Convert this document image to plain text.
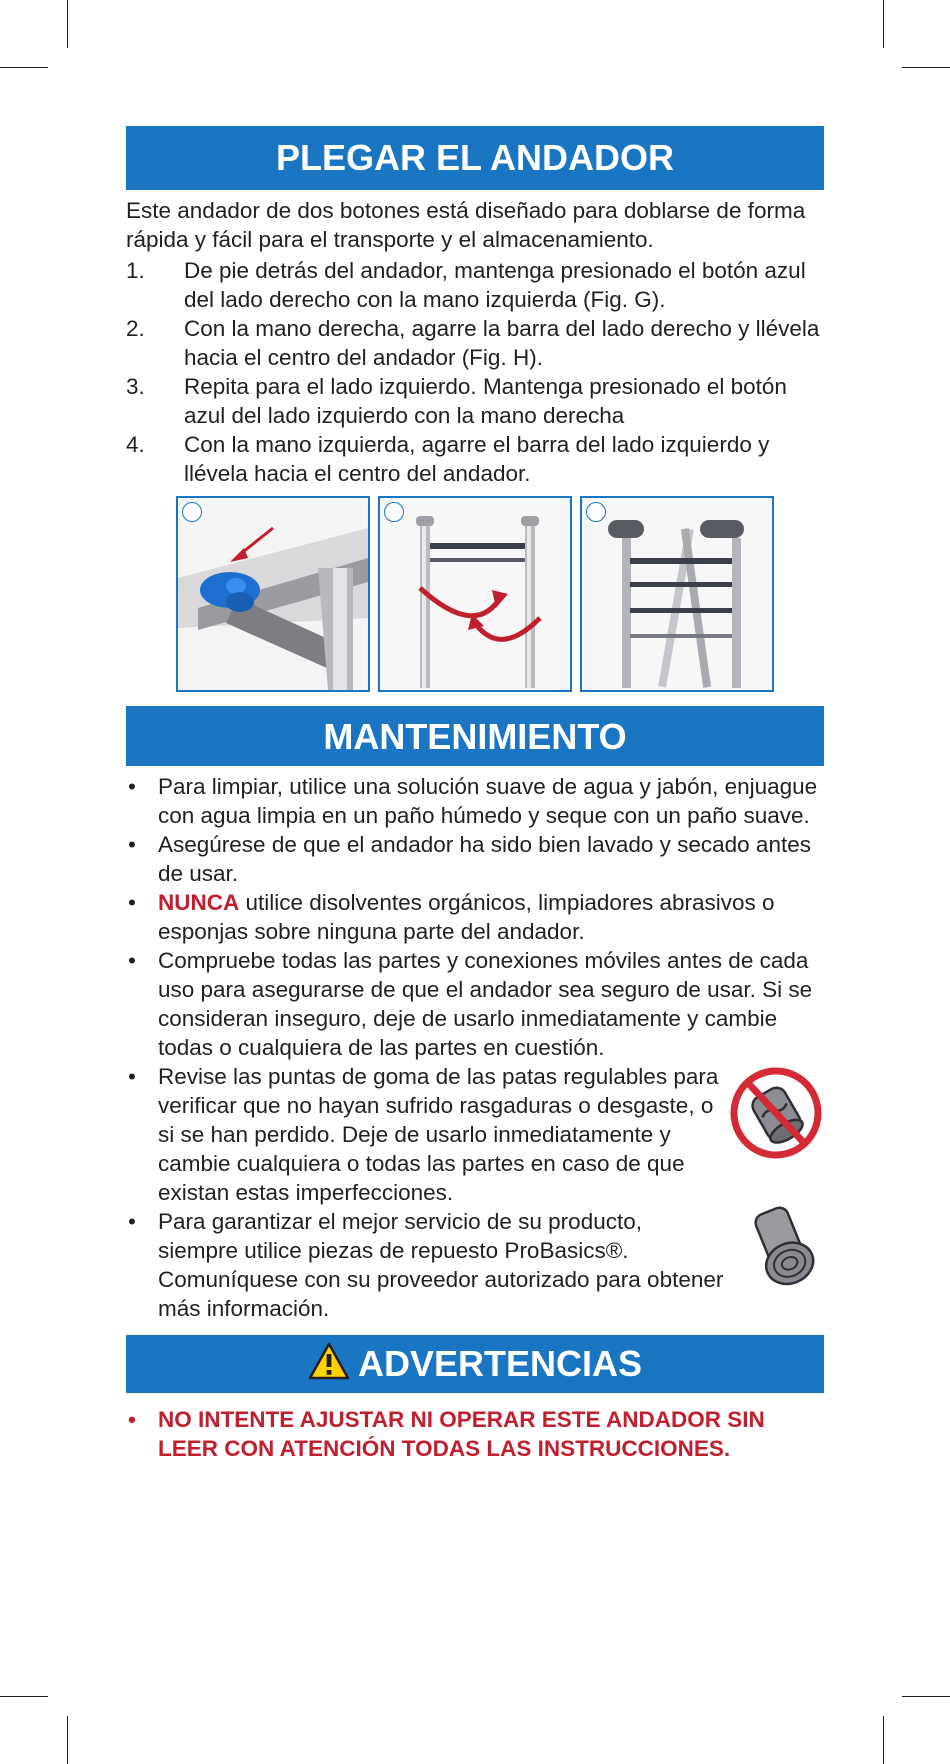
PLEGAR EL ANDADOR

Este andador de dos botones está diseñado para doblarse de forma rápida y fácil para el transporte y el almacenamiento.

1. De pie detrás del andador, mantenga presionado el botón azul del lado derecho con la mano izquierda (Fig. G).
2. Con la mano derecha, agarre la barra del lado derecho y llévela hacia el centro del andador (Fig. H).
3. Repita para el lado izquierdo. Mantenga presionado el botón azul del lado izquierdo con la mano derecha
4. Con la mano izquierda, agarre el barra del lado izquierdo y llévela hacia el centro del andador.
MANTENIMIENTO
• Para limpiar, utilice una solución suave de agua y jabón, enjuague con agua limpia en un paño húmedo y seque con un paño suave.
• Asegúrese de que el andador ha sido bien lavado y secado antes de usar.
• NUNCA utilice disolventes orgánicos, limpiadores abrasivos o esponjas sobre ninguna parte del andador.
• Compruebe todas las partes y conexiones móviles antes de cada uso para asegurarse de que el andador sea seguro de usar. Si se consideran inseguro, deje de usarlo inmediatamente y cambie todas o cualquiera de las partes en cuestión.
• Revise las puntas de goma de las patas regulables para verificar que no hayan sufrido rasgaduras o desgaste, o si se han perdido. Deje de usarlo inmediatamente y cambie cualquiera o todas las partes en caso de que existan estas imperfecciones.
• Para garantizar el mejor servicio de su producto, siempre utilice piezas de repuesto ProBasics®. Comuníquese con su proveedor autorizado para obtener más información.
ADVERTENCIAS
• NO INTENTE AJUSTAR NI OPERAR ESTE ANDADOR SIN LEER CON ATENCIÓN TODAS LAS INSTRUCCIONES.
